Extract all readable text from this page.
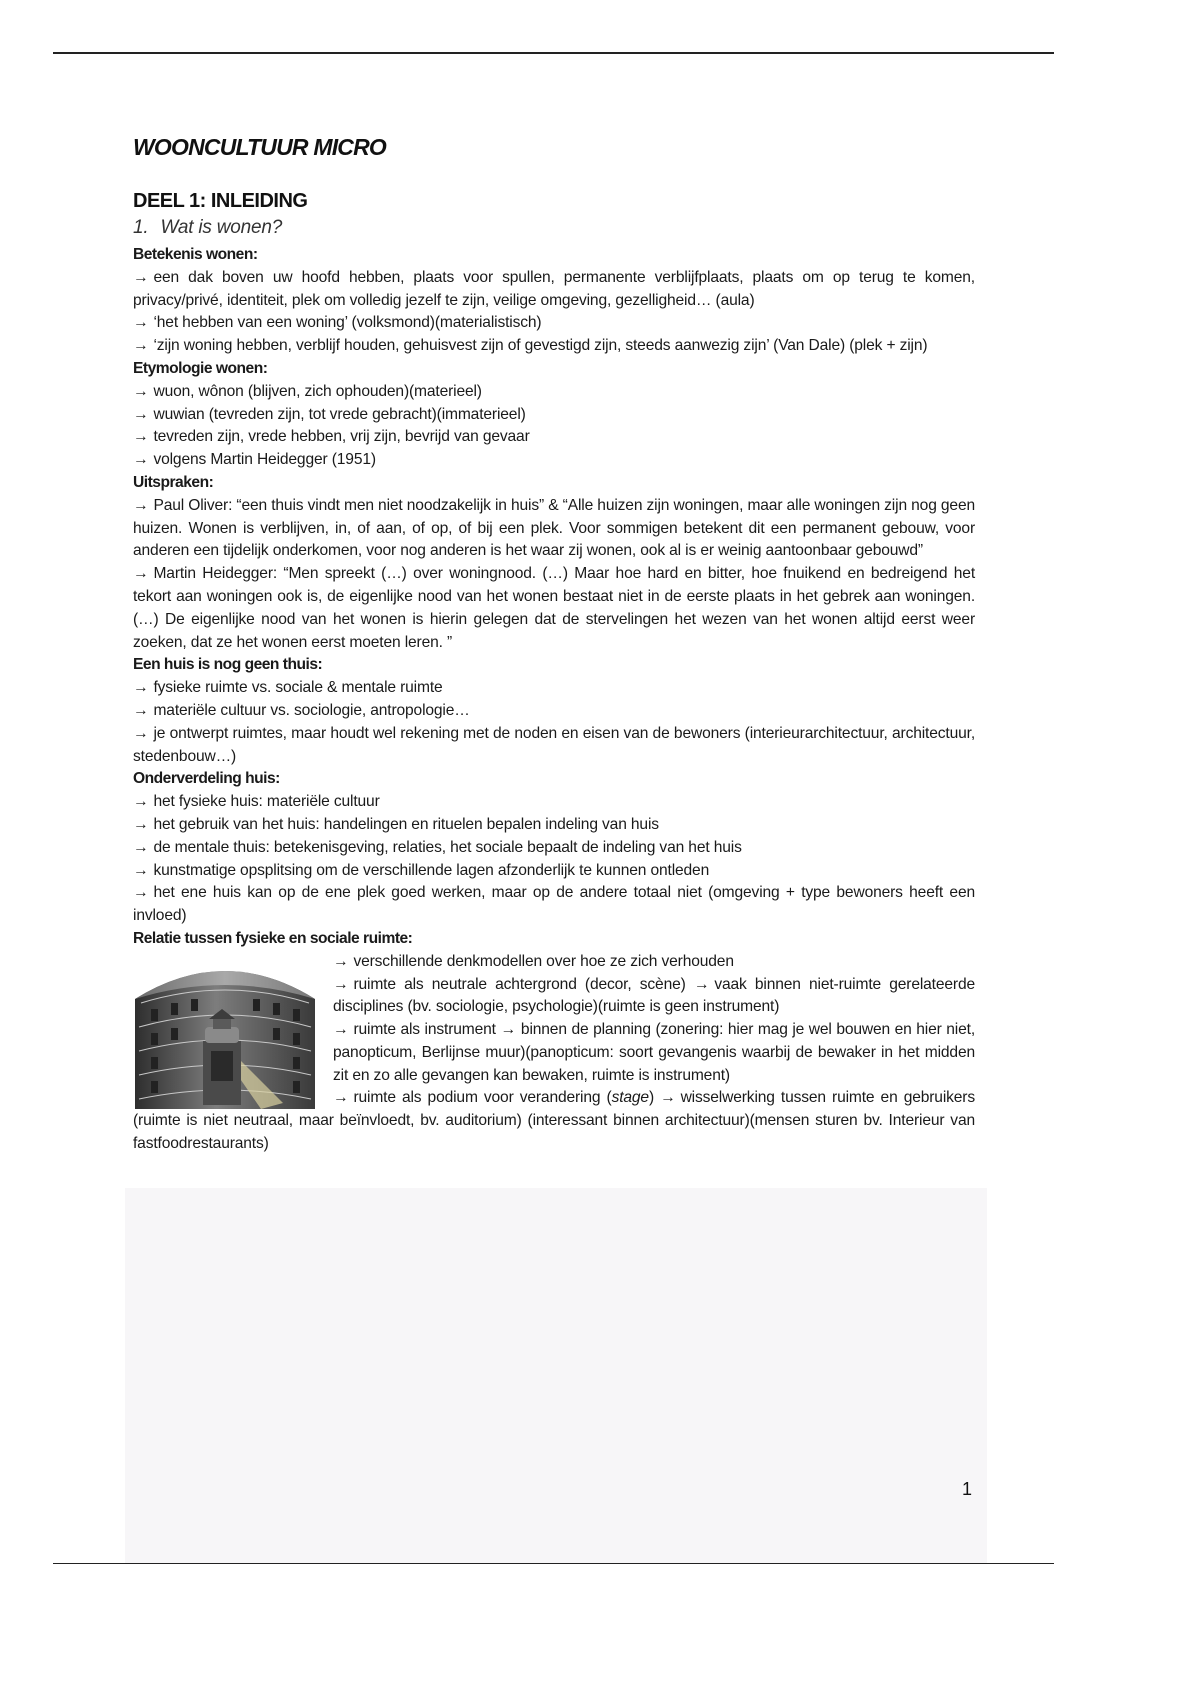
WOONCULTUUR MICRO
DEEL 1: INLEIDING
1. Wat is wonen?

Betekenis wonen:

→ een dak boven uw hoofd hebben, plaats voor spullen, permanente verblijfplaats, plaats om op terug te komen, privacy/privé, identiteit, plek om volledig jezelf te zijn, veilige omgeving, gezelligheid… (aula)

→ ‘het hebben van een woning’ (volksmond)(materialistisch)

→ ‘zijn woning hebben, verblijf houden, gehuisvest zijn of gevestigd zijn, steeds aanwezig zijn’ (Van Dale) (plek + zijn)

Etymologie wonen:

→ wuon, wônon (blijven, zich ophouden)(materieel)

→ wuwian (tevreden zijn, tot vrede gebracht)(immaterieel)

→ tevreden zijn, vrede hebben, vrij zijn, bevrijd van gevaar

→ volgens Martin Heidegger (1951)

Uitspraken:

→ Paul Oliver: “een thuis vindt men niet noodzakelijk in huis” & “Alle huizen zijn woningen, maar alle woningen zijn nog geen huizen. Wonen is verblijven, in, of aan, of op, of bij een plek. Voor sommigen betekent dit een permanent gebouw, voor anderen een tijdelijk onderkomen, voor nog anderen is het waar zij wonen, ook al is er weinig aantoonbaar gebouwd”

→ Martin Heidegger: “Men spreekt (…) over woningnood. (…) Maar hoe hard en bitter, hoe fnuikend en bedreigend het tekort aan woningen ook is, de eigenlijke nood van het wonen bestaat niet in de eerste plaats in het gebrek aan woningen. (…) De eigenlijke nood van het wonen is hierin gelegen dat de stervelingen het wezen van het wonen altijd eerst weer zoeken, dat ze het wonen eerst moeten leren. ”

Een huis is nog geen thuis:

→ fysieke ruimte vs. sociale & mentale ruimte

→ materiële cultuur vs. sociologie, antropologie…

→ je ontwerpt ruimtes, maar houdt wel rekening met de noden en eisen van de bewoners (interieurarchitectuur, architectuur, stedenbouw…)

Onderverdeling huis:

→ het fysieke huis: materiële cultuur

→ het gebruik van het huis: handelingen en rituelen bepalen indeling van huis

→ de mentale thuis: betekenisgeving, relaties, het sociale bepaalt de indeling van het huis

→ kunstmatige opsplitsing om de verschillende lagen afzonderlijk te kunnen ontleden

→ het ene huis kan op de ene plek goed werken, maar op de andere totaal niet (omgeving + type bewoners heeft een invloed)

Relatie tussen fysieke en sociale ruimte:

→ verschillende denkmodellen over hoe ze zich verhouden

→ ruimte als neutrale achtergrond (decor, scène) → vaak binnen niet-ruimte gerelateerde disciplines (bv. sociologie, psychologie)(ruimte is geen instrument)

→ ruimte als instrument → binnen de planning (zonering: hier mag je wel bouwen en hier niet, panopticum, Berlijnse muur)(panopticum: soort gevangenis waarbij de bewaker in het midden zit en zo alle gevangen kan bewaken, ruimte is instrument)

→ ruimte als podium voor verandering (stage) → wisselwerking tussen ruimte en gebruikers (ruimte is niet neutraal, maar beïnvloedt, bv. auditorium) (interessant binnen architectuur)(mensen sturen bv. Interieur van fastfoodrestaurants)

1
